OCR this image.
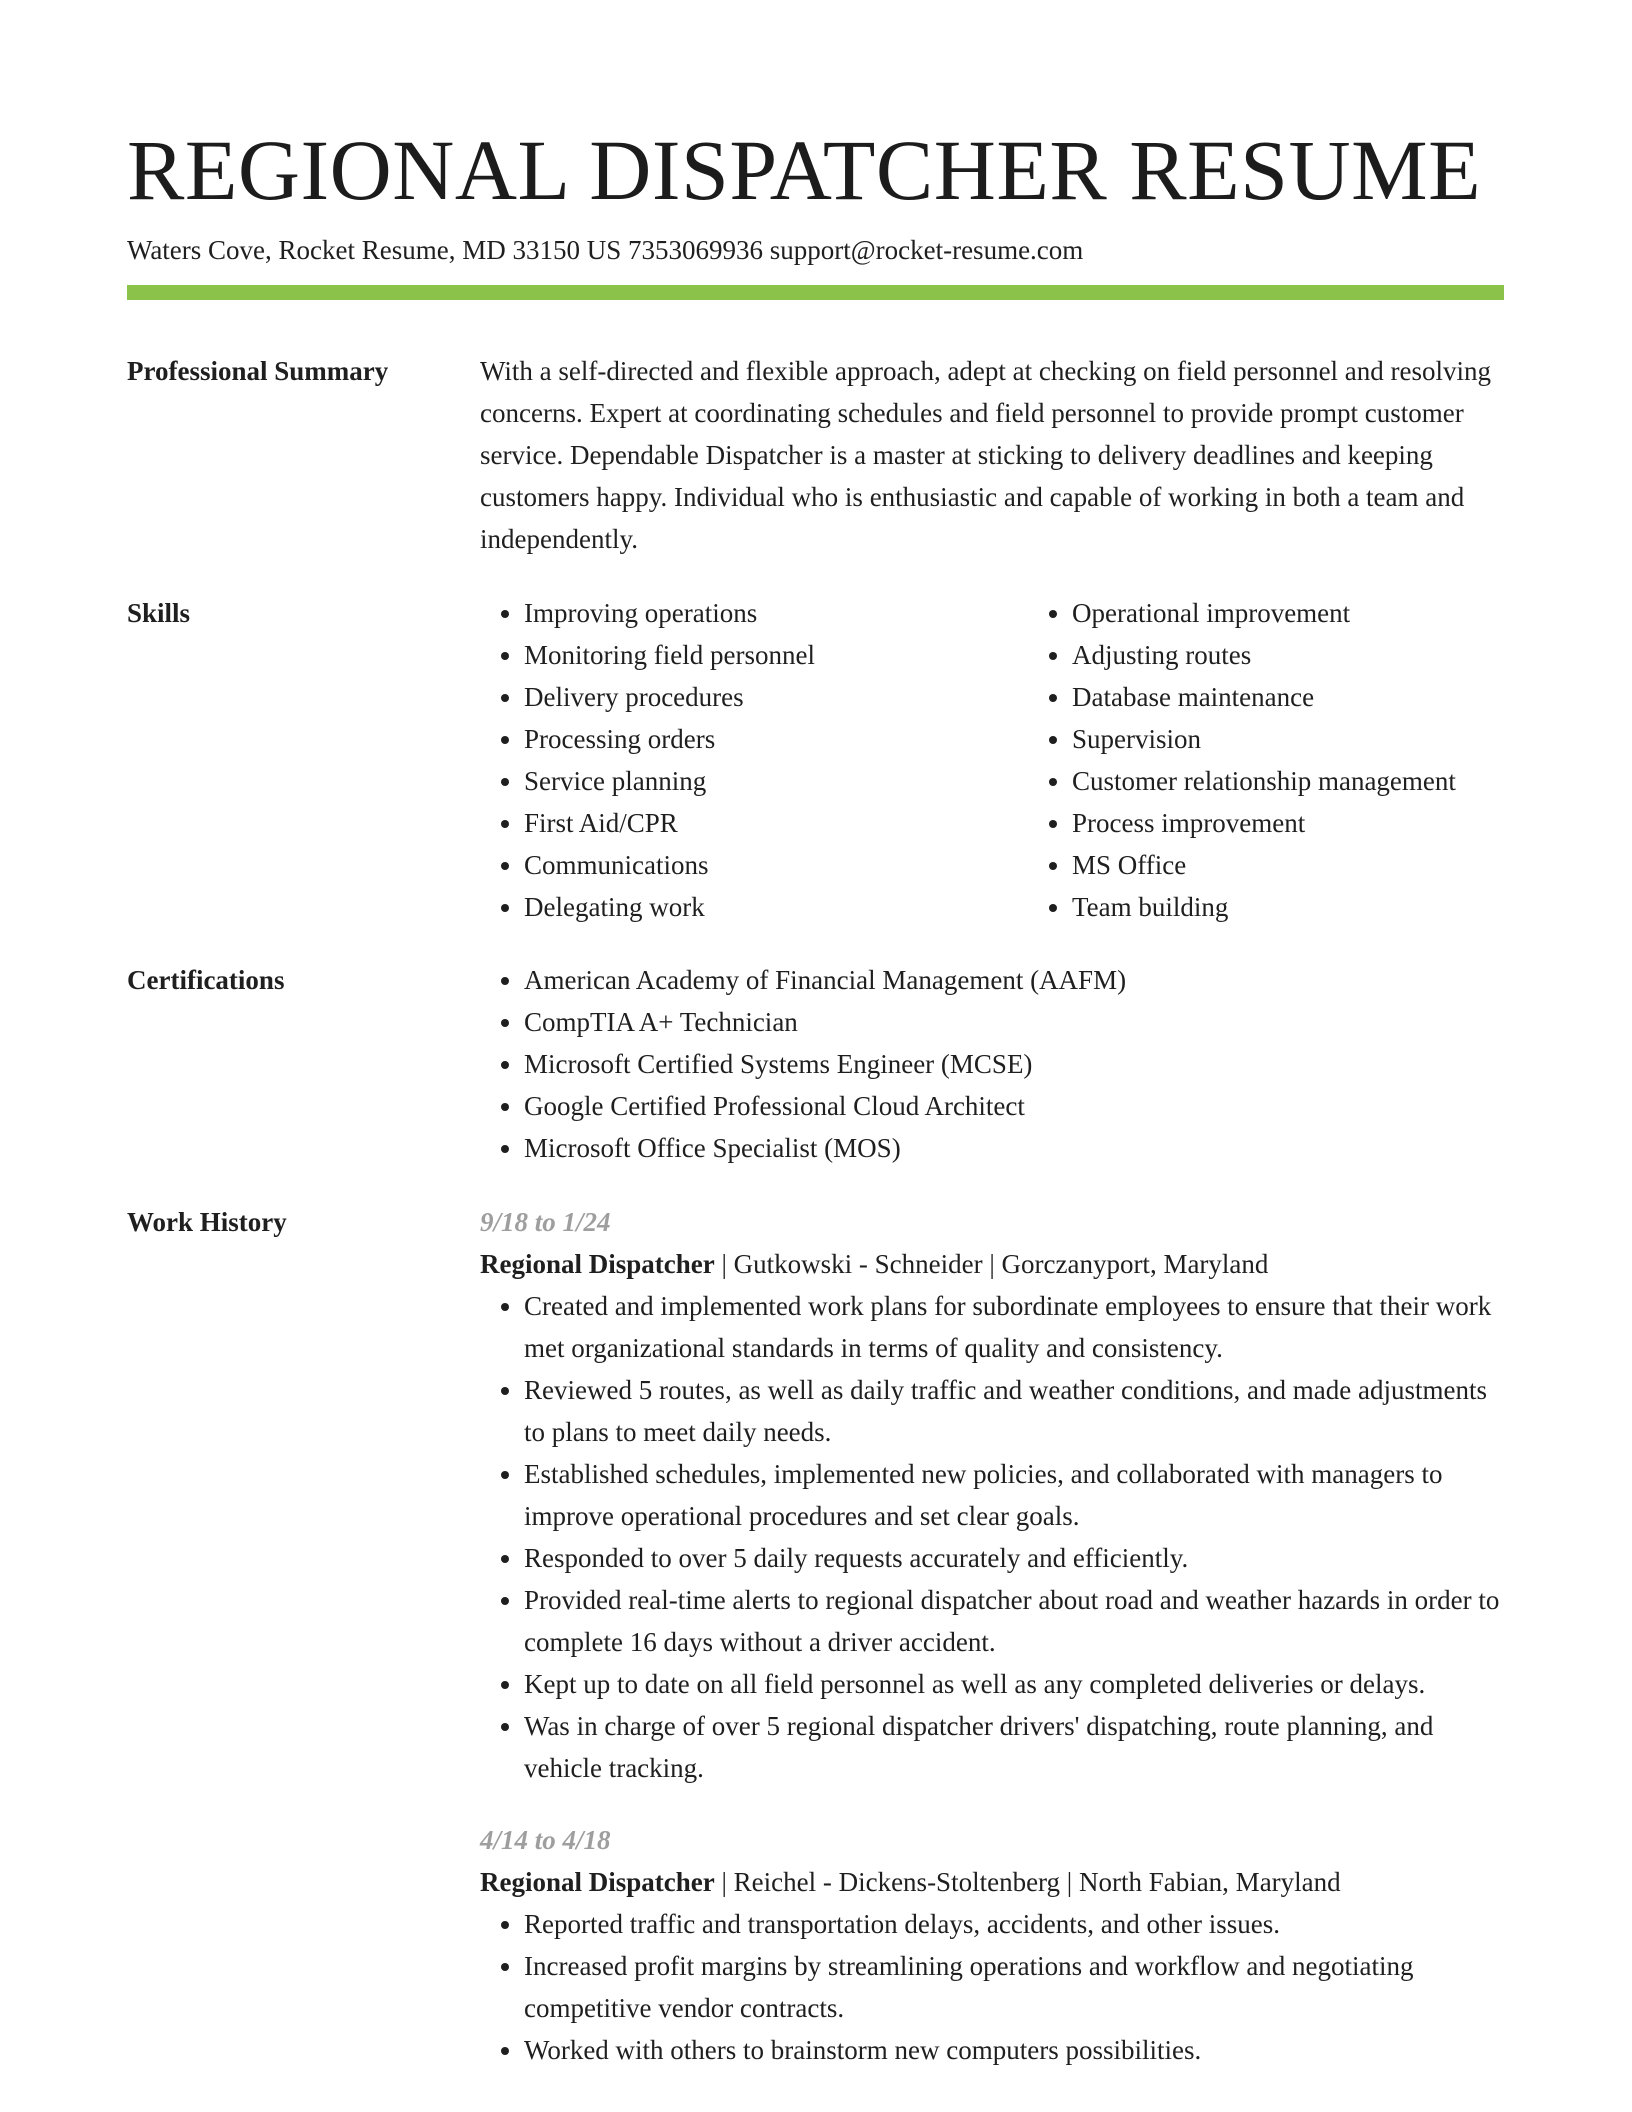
REGIONAL DISPATCHER RESUME
Waters Cove, Rocket Resume, MD 33150 US 7353069936 support@rocket-resume.com
Professional Summary	With a self-directed and flexible approach, adept at checking on field personnel and resolving concerns. Expert at coordinating schedules and field personnel to provide prompt customer service. Dependable Dispatcher is a master at sticking to delivery deadlines and keeping customers happy. Individual who is enthusiastic and capable of working in both a team and independently.

Skills	• Improving operations
• Monitoring field personnel
• Delivery procedures
• Processing orders
• Service planning
• First Aid/CPR
• Communications
• Delegating work
• Operational improvement
• Adjusting routes
• Database maintenance
• Supervision
• Customer relationship management
• Process improvement
• MS Office
• Team building
Certifications	• American Academy of Financial Management (AAFM)
• CompTIA A+ Technician
• Microsoft Certified Systems Engineer (MCSE)
• Google Certified Professional Cloud Architect
• Microsoft Office Specialist (MOS)
Work History	9/18 to 1/24
Regional Dispatcher | Gutkowski - Schneider | Gorczanyport, Maryland
• Created and implemented work plans for subordinate employees to ensure that their work met organizational standards in terms of quality and consistency.
• Reviewed 5 routes, as well as daily traffic and weather conditions, and made adjustments to plans to meet daily needs.
• Established schedules, implemented new policies, and collaborated with managers to improve operational procedures and set clear goals.
• Responded to over 5 daily requests accurately and efficiently.
• Provided real-time alerts to regional dispatcher about road and weather hazards in order to complete 16 days without a driver accident.
• Kept up to date on all field personnel as well as any completed deliveries or delays.
• Was in charge of over 5 regional dispatcher drivers' dispatching, route planning, and vehicle tracking.
4/14 to 4/18
Regional Dispatcher | Reichel - Dickens-Stoltenberg | North Fabian, Maryland
• Reported traffic and transportation delays, accidents, and other issues.
• Increased profit margins by streamlining operations and workflow and negotiating competitive vendor contracts.
• Worked with others to brainstorm new computers possibilities.
